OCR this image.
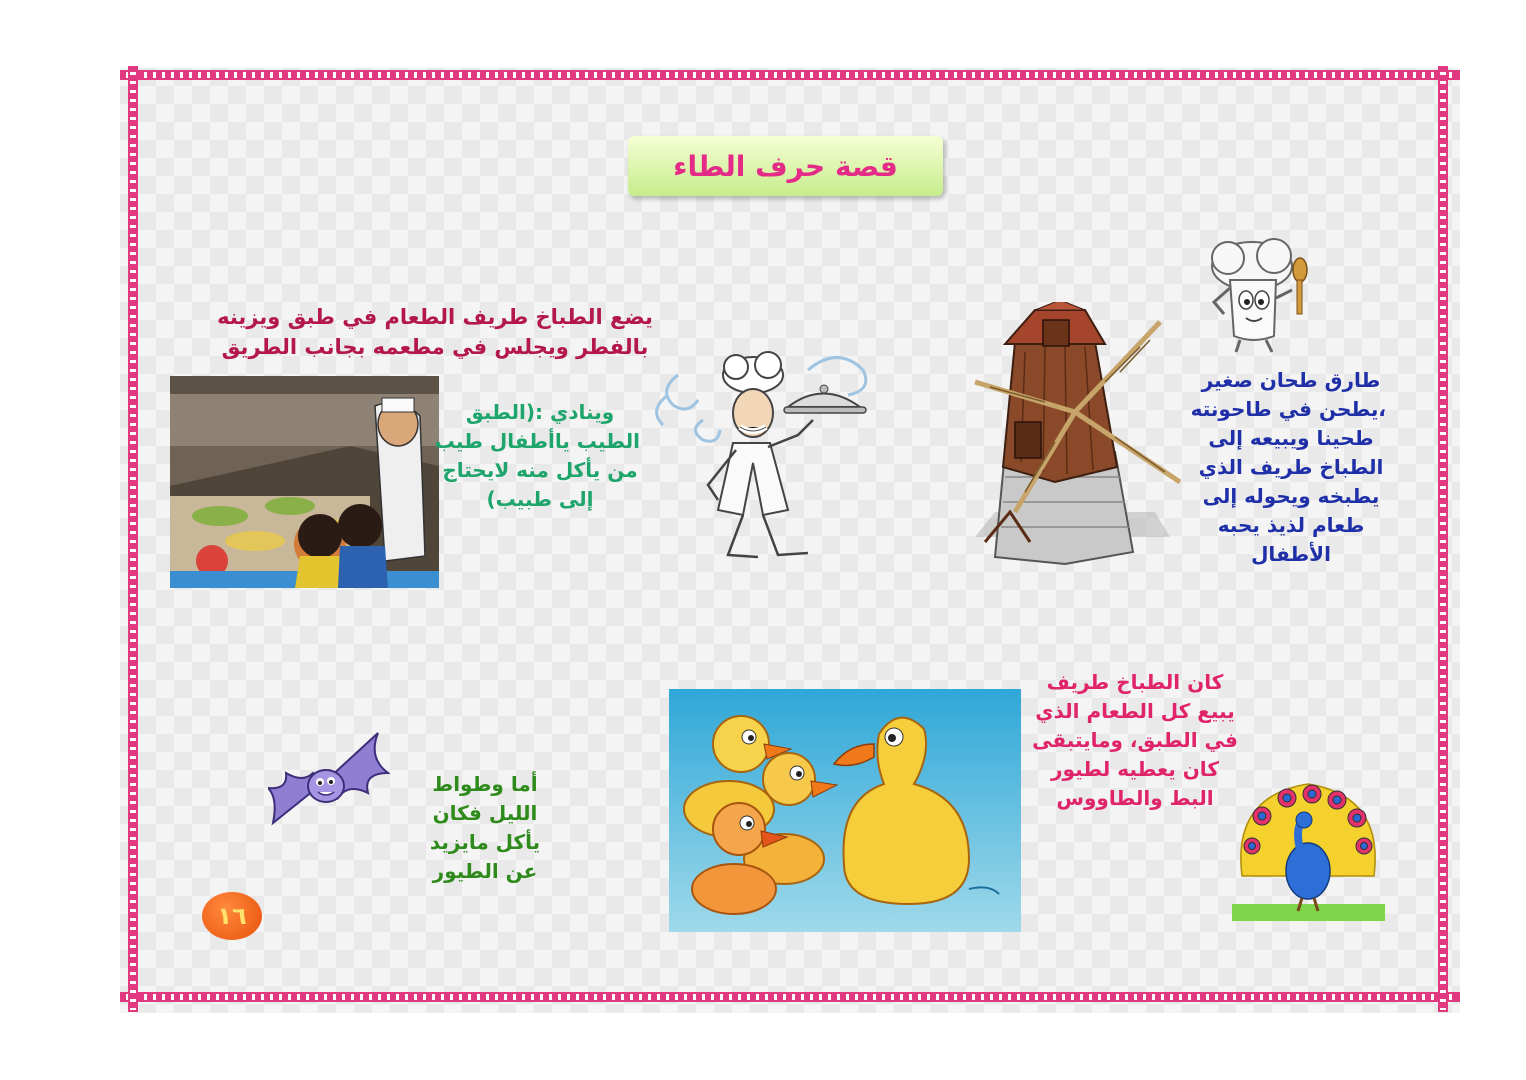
قصة حرف الطاء
طارق طحان صغير
،يطحن في طاحونته
طحينا ويبيعه إلى
الطباخ طريف الذي
يطبخه ويحوله إلى
طعام لذيذ يحبه
الأطفال
يضع الطباخ طريف الطعام في طبق ويزينه
بالفطر ويجلس في مطعمه بجانب الطريق
وينادي :(الطبق
الطيب ياأطفال طيب
من يأكل منه لايحتاج
إلى طبيب)
كان الطباخ طريف
يبيع كل الطعام الذي
في الطبق، ومايتبقى
كان يعطيه لطيور
البط والطاووس
أما وطواط
الليل فكان
يأكل مايزيد
عن الطيور
١٦
